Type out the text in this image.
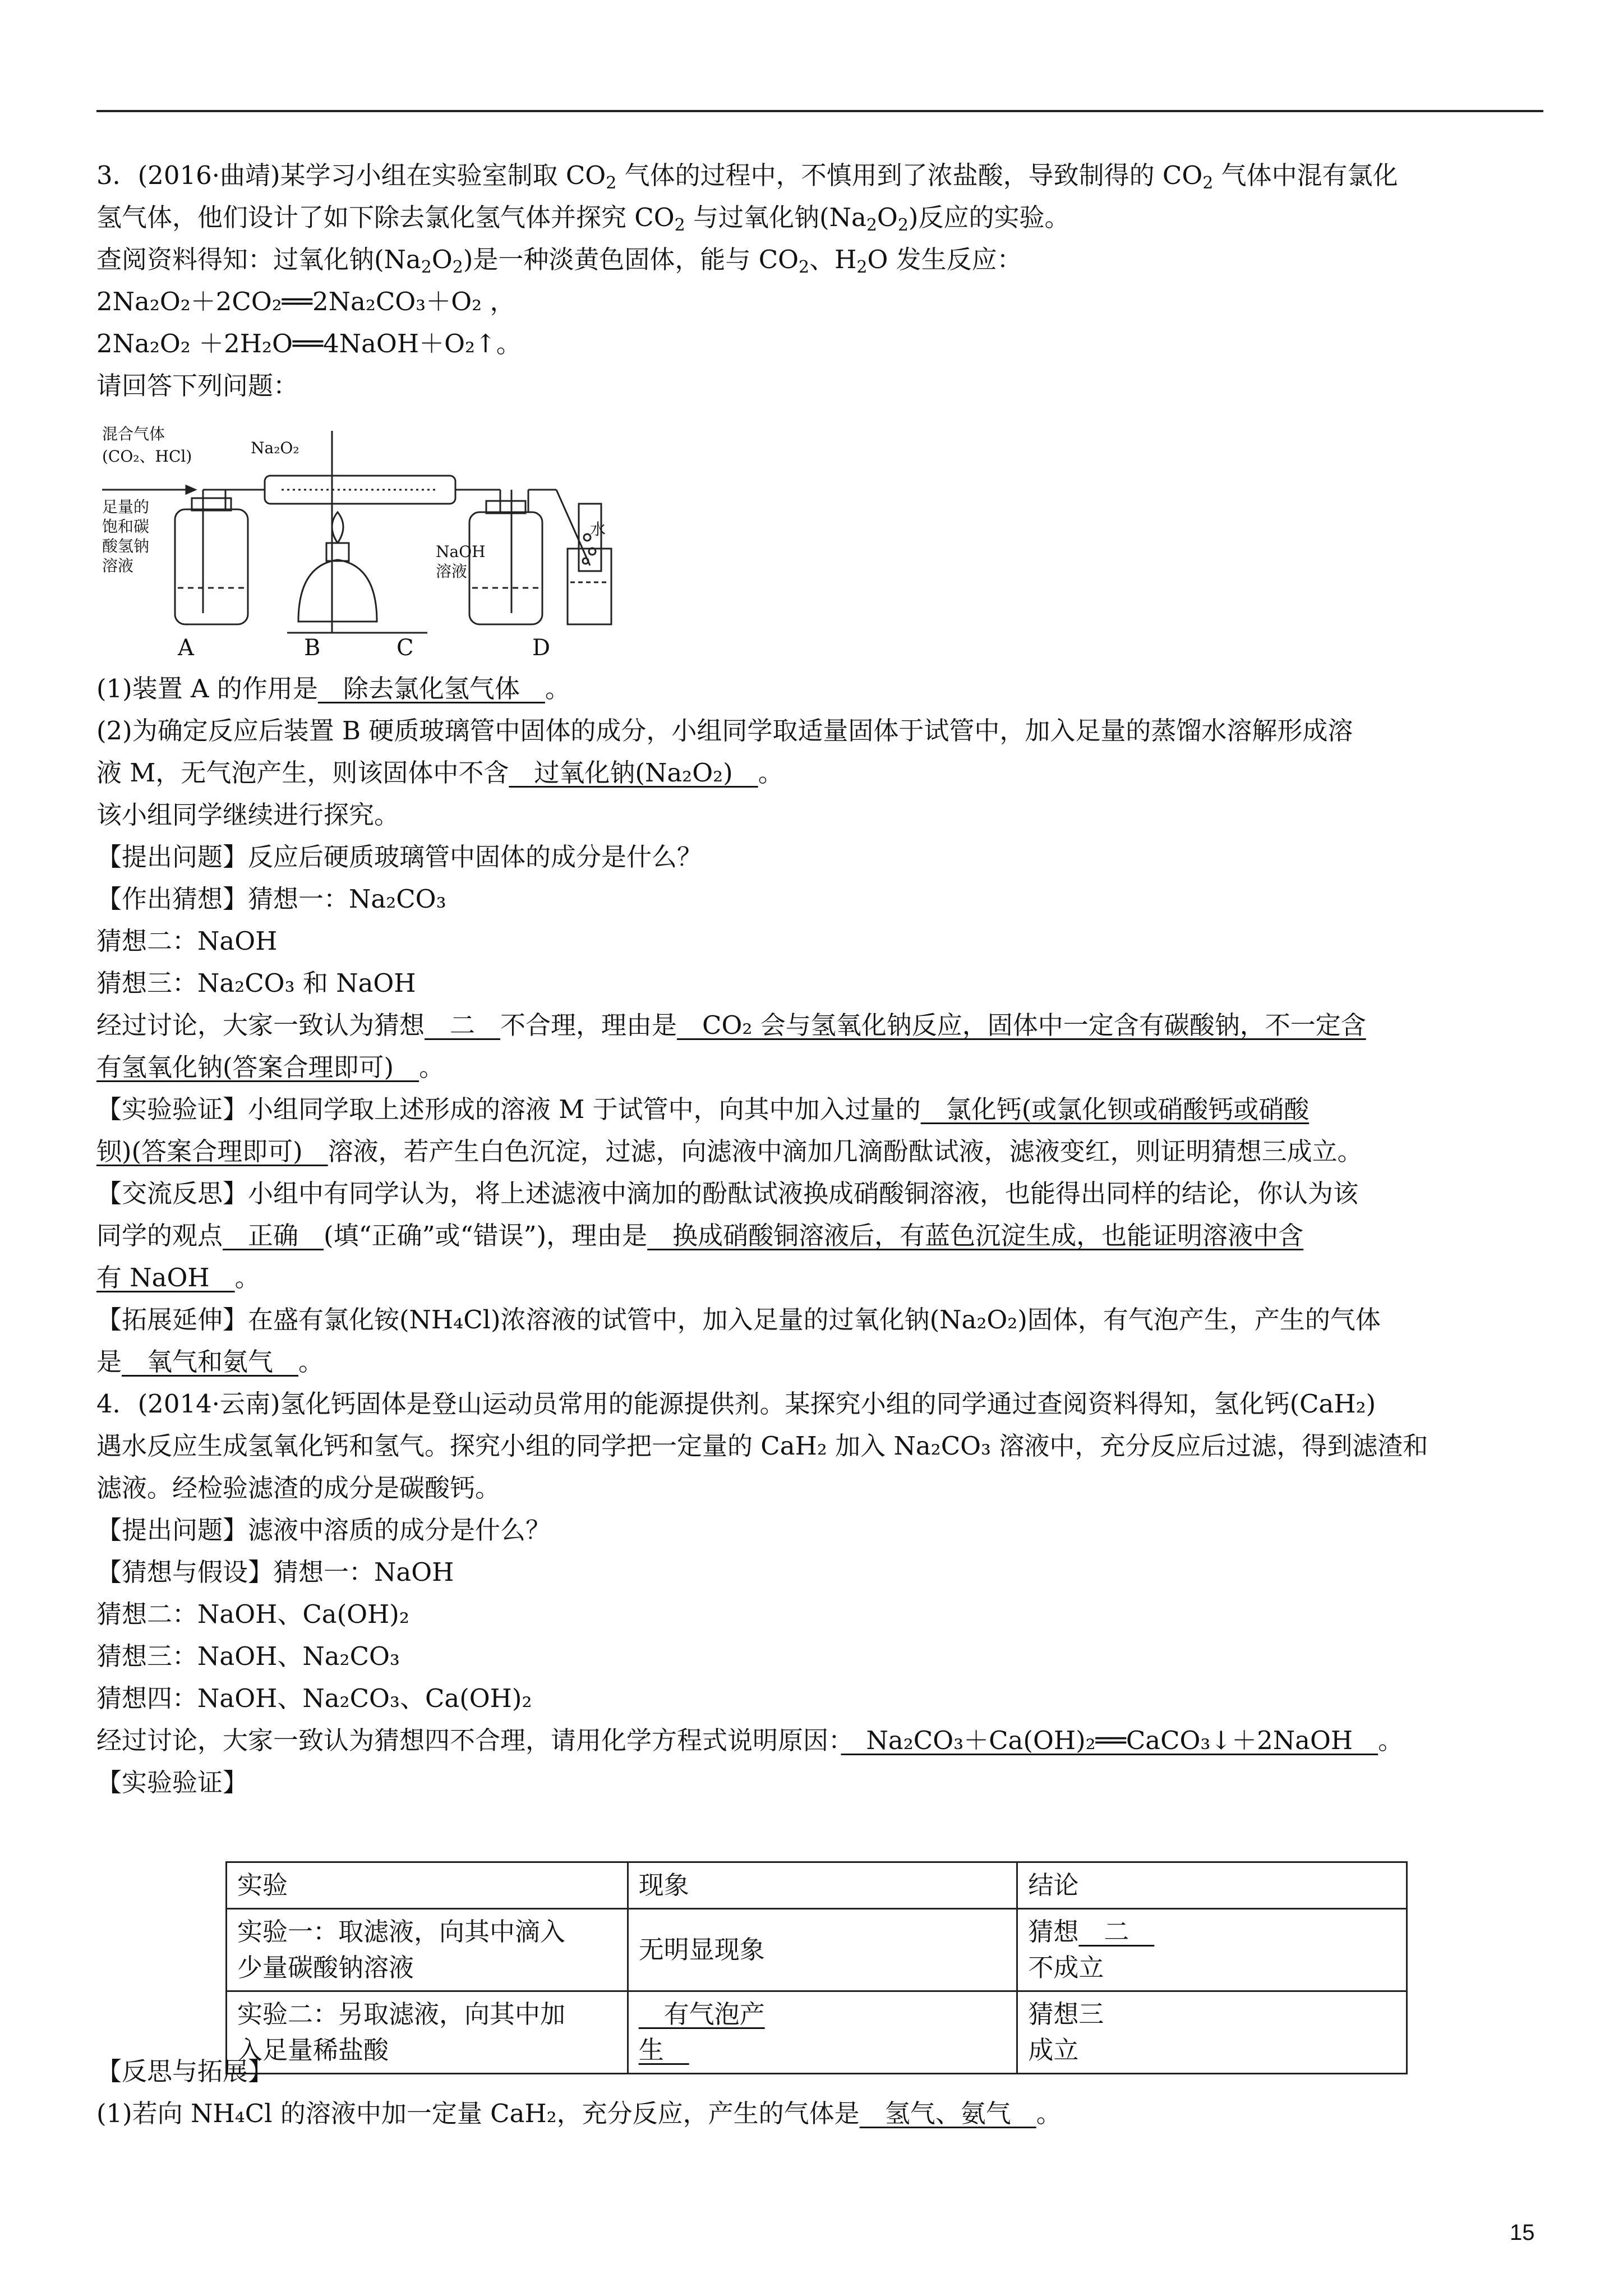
3．(2016·曲靖)某学习小组在实验室制取 $CO_2$ 气体的过程中，不慎用到了浓盐酸，导致制得的 $CO_2$ 气体中混有氯化
氢气体，他们设计了如下除去氯化氢气体并探究 $CO_2$ 与过氧化钠$(Na_2O_2)$反应的实验。
查阅资料得知：过氧化钠$(Na_2O_2)$是一种淡黄色固体，能与 $CO_2$、$H_2O$ 发生反应：
2Na₂O₂＋2CO₂══2Na₂CO₃＋O₂ ，
2Na₂O₂ ＋2H₂O══4NaOH＋O₂↑。
请回答下列问题：
混合气体
(CO₂、HCl)	Na₂O₂
足量的
饱和碳
酸氢钠
溶液
NaOH
溶液
水
A	B	C	D
(1)装置 A 的作用是　除去氯化氢气体　。
(2)为确定反应后装置 B 硬质玻璃管中固体的成分，小组同学取适量固体于试管中，加入足量的蒸馏水溶解形成溶
液 M，无气泡产生，则该固体中不含　过氧化钠(Na₂O₂)　。
该小组同学继续进行探究。
【提出问题】反应后硬质玻璃管中固体的成分是什么？
【作出猜想】猜想一：Na₂CO₃
猜想二：NaOH
猜想三：Na₂CO₃ 和 NaOH
经过讨论，大家一致认为猜想　二　不合理，理由是　CO₂ 会与氢氧化钠反应，固体中一定含有碳酸钠，不一定含
有氢氧化钠(答案合理即可)　。
【实验验证】小组同学取上述形成的溶液 M 于试管中，向其中加入过量的　氯化钙(或氯化钡或硝酸钙或硝酸
钡)(答案合理即可)　溶液，若产生白色沉淀，过滤，向滤液中滴加几滴酚酞试液，滤液变红，则证明猜想三成立。
【交流反思】小组中有同学认为，将上述滤液中滴加的酚酞试液换成硝酸铜溶液，也能得出同样的结论，你认为该
同学的观点　正确　(填“正确”或“错误”)，理由是　换成硝酸铜溶液后，有蓝色沉淀生成，也能证明溶液中含
有 NaOH　。
【拓展延伸】在盛有氯化铵(NH₄Cl)浓溶液的试管中，加入足量的过氧化钠(Na₂O₂)固体，有气泡产生，产生的气体
是　氧气和氨气　。
4．(2014·云南)氢化钙固体是登山运动员常用的能源提供剂。某探究小组的同学通过查阅资料得知，氢化钙(CaH₂)
遇水反应生成氢氧化钙和氢气。探究小组的同学把一定量的 CaH₂ 加入 Na₂CO₃ 溶液中，充分反应后过滤，得到滤渣和
滤液。经检验滤渣的成分是碳酸钙。
【提出问题】滤液中溶质的成分是什么？
【猜想与假设】猜想一：NaOH
猜想二：NaOH、Ca(OH)₂
猜想三：NaOH、Na₂CO₃
猜想四：NaOH、Na₂CO₃、Ca(OH)₂
经过讨论，大家一致认为猜想四不合理，请用化学方程式说明原因：　Na₂CO₃＋Ca(OH)₂══CaCO₃↓＋2NaOH　。
【实验验证】
实验	现象	结论
实验一：取滤液，向其中滴入
少量碳酸钠溶液	无明显现象	猜想　二　
不成立
实验二：另取滤液，向其中加
入足量稀盐酸	　有气泡产
生　	猜想三
成立
【反思与拓展】
(1)若向 NH₄Cl 的溶液中加一定量 CaH₂，充分反应，产生的气体是　氢气、氨气　。
15
